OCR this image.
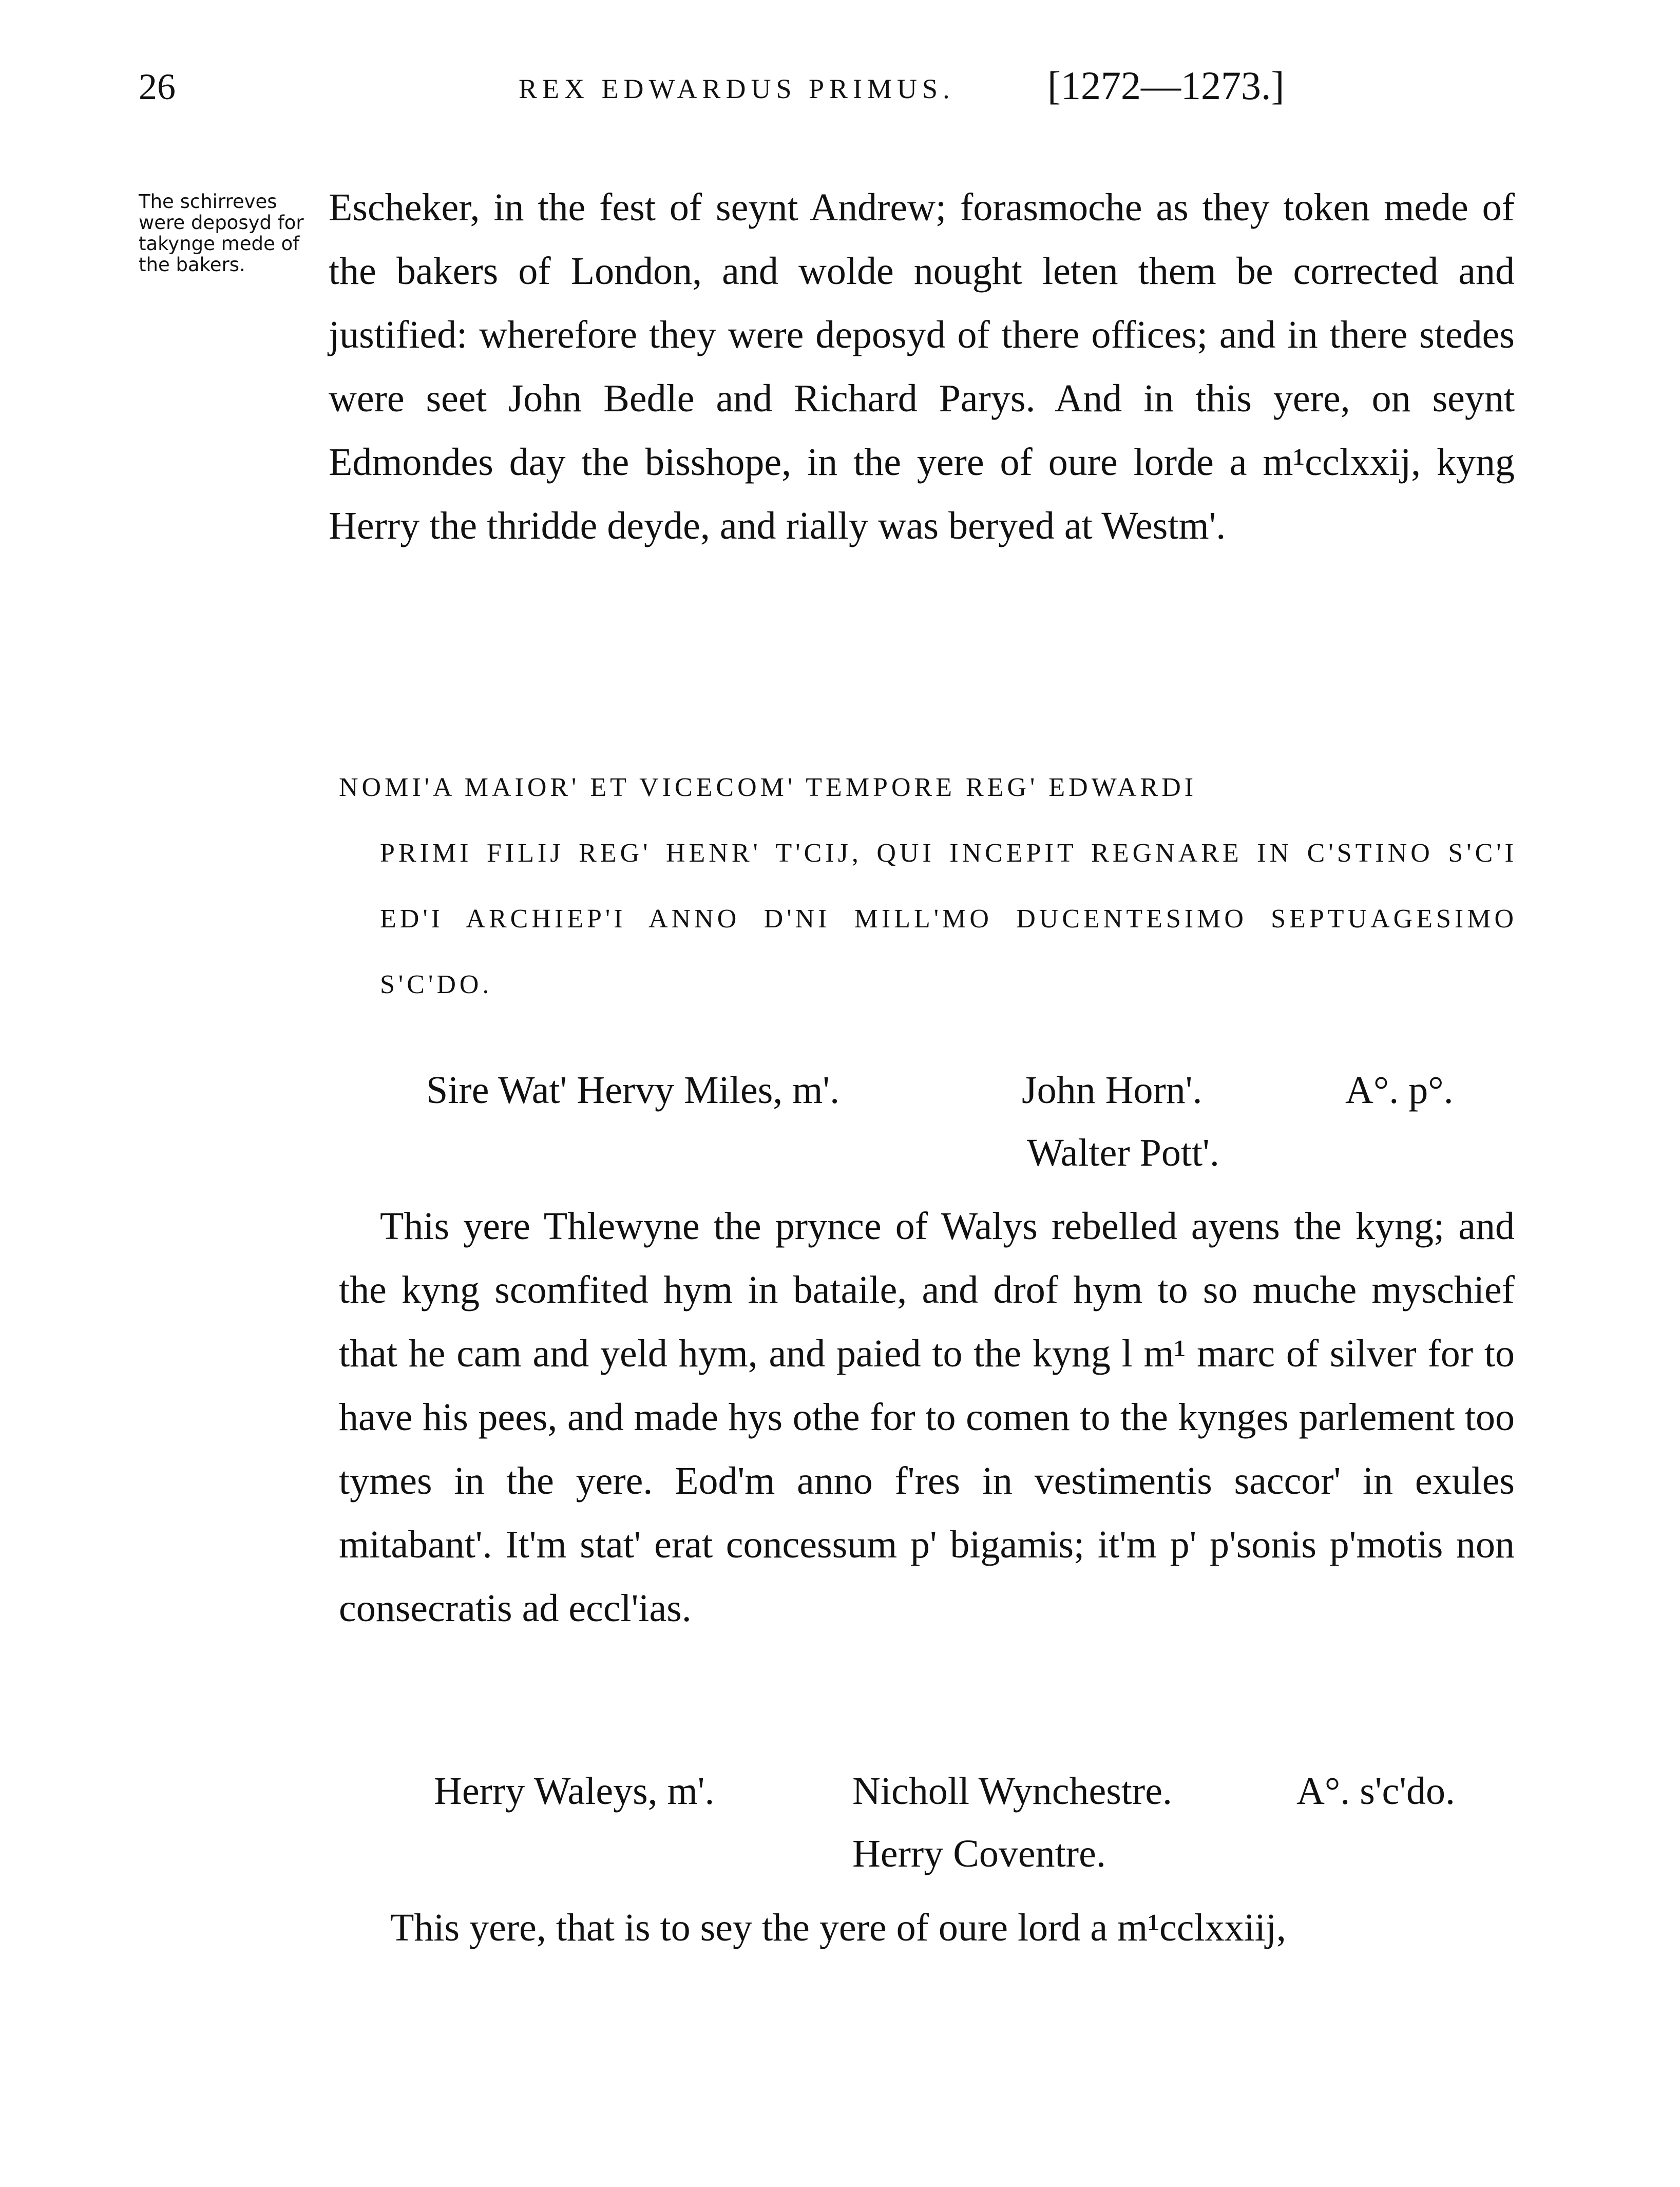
26	REX EDWARDUS PRIMUS. [1272—1273.]
The schirreves were deposyd for takynge mede of the bakers.

Escheker, in the fest of seynt Andrew; forasmoche as they token mede of the bakers of London, and wolde nought leten them be corrected and justified: wherefore they were deposyd of there offices; and in there stedes were seet John Bedle and Richard Parys. And in this yere, on seynt Edmondes day the bisshope, in the yere of oure lorde a m¹cclxxij, kyng Herry the thridde deyde, and rially was beryed at Westm'.

NOMI'A MAIOR' ET VICECOM' TEMPORE REG' EDWARDI
PRIMI FILIJ REG' HENR' T'CIJ, QUI INCEPIT REGNARE IN C'STINO S'C'I ED'I ARCHIEP'I ANNO D'NI MILL'MO DUCENTESIMO SEPTUAGESIMO S'C'DO.
Sire Wat' Hervy Miles, m'.	John Horn'.	A°. p°.
Walter Pott'.

This yere Thlewyne the prynce of Walys rebelled ayens the kyng; and the kyng scomfited hym in bataile, and drof hym to so muche myschief that he cam and yeld hym, and paied to the kyng l m¹ marc of silver for to have his pees, and made hys othe for to comen to the kynges parlement too tymes in the yere. Eod'm anno f'res in vestimentis saccor' in exules mitabant'. It'm stat' erat concessum p' bigamis; it'm p' p'sonis p'motis non consecratis ad eccl'ias.

Herry Waleys, m'.	Nicholl Wynchestre.	A°. s'c'do.
Herry Coventre.

This yere, that is to sey the yere of oure lord a m¹cclxxiij,
